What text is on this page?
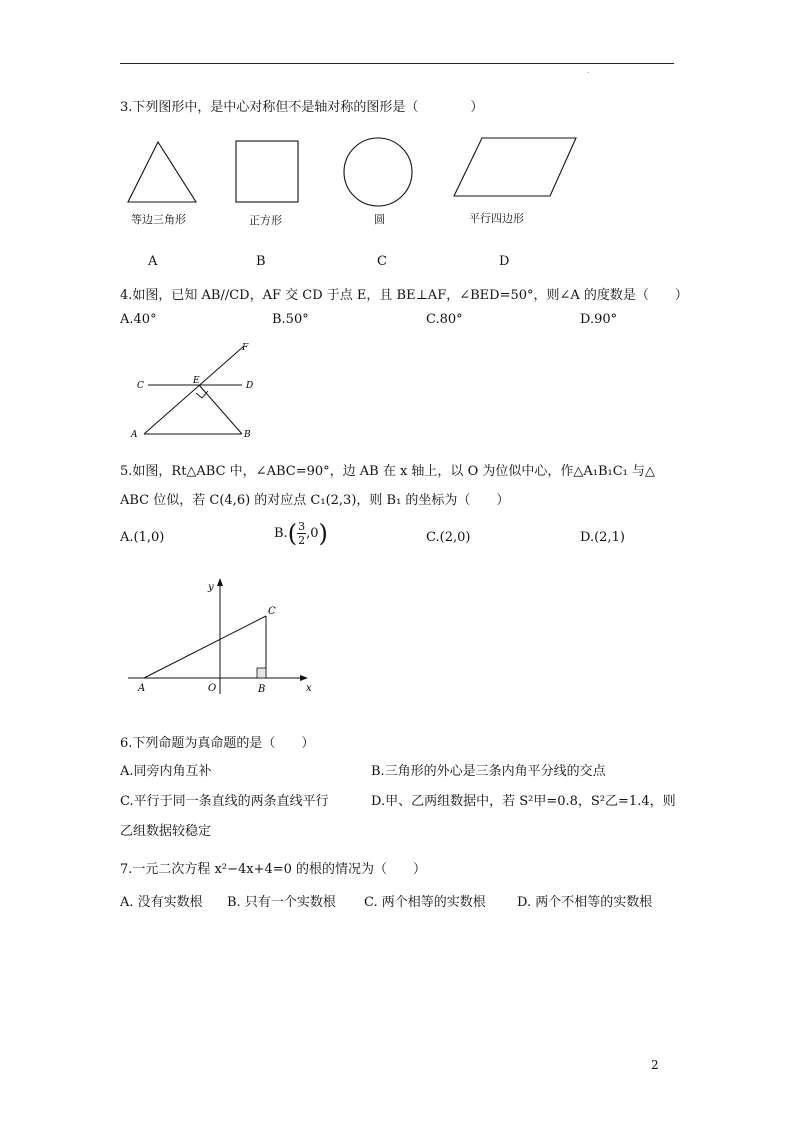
.
3.下列图形中，是中心对称但不是轴对称的图形是（　　　　）
等边三角形	正方形	圆	平行四边形
A	B	C	D
4.如图，已知 AB//CD，AF 交 CD 于点 E，且 BE⊥AF，∠BED=50°，则∠A 的度数是（　　）
A.40°	B.50°	C.80°	D.90°
F
C	E	D
A	B
5.如图，Rt△ABC 中，∠ABC=90°，边 AB 在 x 轴上，以 O 为位似中心，作△A₁B₁C₁ 与△
ABC 位似，若 C(4,6) 的对应点 C₁(2,3)，则 B₁ 的坐标为（　　）
A.(1,0)	$B.( \frac{3}{2} ,0)$	C.(2,0)	D.(2,1)
y
x
C
A	O	B
6.下列命题为真命题的是（　　）
A.同旁内角互补	B.三角形的外心是三条内角平分线的交点
C.平行于同一条直线的两条直线平行	D.甲、乙两组数据中，若 S²甲=0.8，S²乙=1.4，则
乙组数据较稳定
7.一元二次方程 x²−4x+4=0 的根的情况为（　　）
A. 没有实数根 B. 只有一个实数根 C. 两个相等的实数根 D. 两个不相等的实数根
2
